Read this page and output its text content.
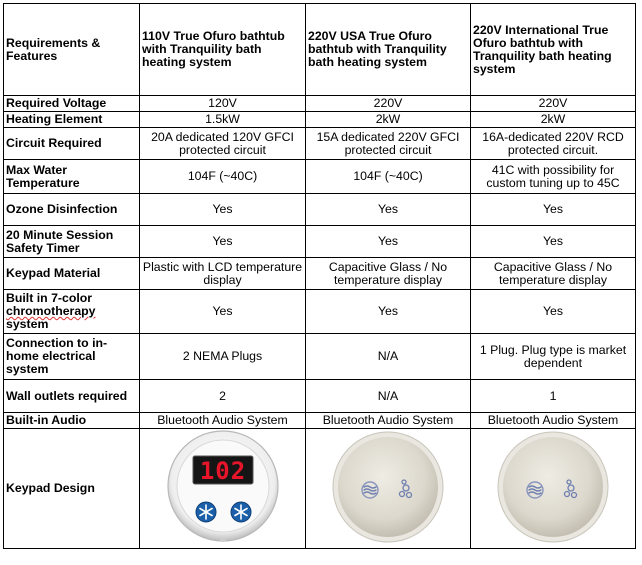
Requirements & Features	110V True Ofuro bathtub with Tranquility bath heating system	220V USA True Ofuro bathtub with Tranquility bath heating system	220V International True Ofuro bathtub with Tranquility bath heating system
Required Voltage	120V	220V	220V
Heating Element	1.5kW	2kW	2kW
Circuit Required	20A dedicated 120V GFCI protected circuit	15A dedicated 220V GFCI protected circuit	16A-dedicated 220V RCD protected circuit.
Max Water Temperature	104F (~40C)	104F (~40C)	41C with possibility for custom tuning up to 45C
Ozone Disinfection	Yes	Yes	Yes
20 Minute Session Safety Timer	Yes	Yes	Yes
Keypad Material	Plastic with LCD temperature display	Capacitive Glass / No temperature display	Capacitive Glass / No temperature display
Built in 7-color chromotherapy system	Yes	Yes	Yes
Connection to in-home electrical system	2 NEMA Plugs	N/A	1 Plug. Plug type is market dependent
Wall outlets required	2	N/A	1
Built-in Audio	Bluetooth Audio System	Bluetooth Audio System	Bluetooth Audio System
Keypad Design	102
